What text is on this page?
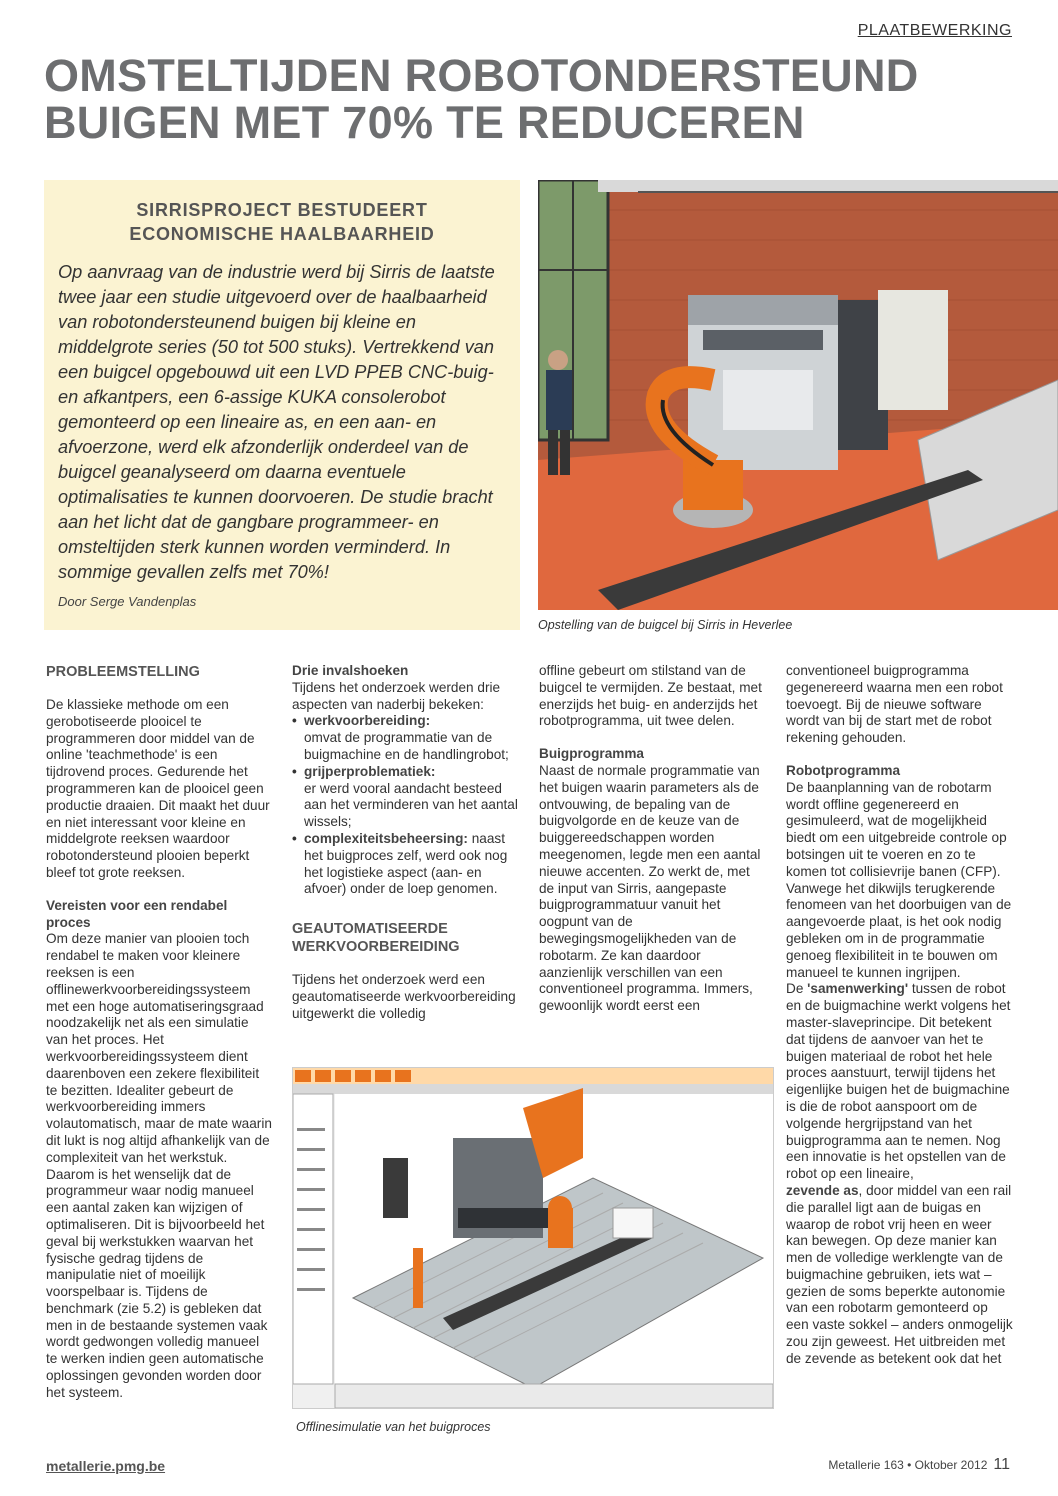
PLAATBEWERKING
OMSTELTIJDEN ROBOTONDERSTEUND
BUIGEN MET 70% TE REDUCEREN
SIRRISPROJECT BESTUDEERT
ECONOMISCHE HAALBAARHEID
Op aanvraag van de industrie werd bij Sirris de laatste twee jaar een studie uitgevoerd over de haalbaarheid van robotondersteunend buigen bij kleine en middelgrote series (50 tot 500 stuks). Vertrekkend van een buigcel opgebouwd uit een LVD PPEB CNC-buig- en afkantpers, een 6-assige KUKA consolerobot gemonteerd op een lineaire as, en een aan- en afvoerzone, werd elk afzonderlijk onderdeel van de buigcel geanalyseerd om daarna eventuele optimalisaties te kunnen doorvoeren. De studie bracht aan het licht dat de gangbare programmeer- en omsteltijden sterk kunnen worden verminderd. In sommige gevallen zelfs met 70%!
Door Serge Vandenplas
Opstelling van de buigcel bij Sirris in Heverlee

PROBLEEMSTELLING

De klassieke methode om een gerobotiseerde plooicel te programmeren door middel van de online 'teachmethode' is een tijdrovend proces. Gedurende het programmeren kan de plooicel geen productie draaien. Dit maakt het duur en niet interessant voor kleine en middelgrote reeksen waardoor robotondersteund plooien beperkt bleef tot grote reeksen.

Vereisten voor een rendabel proces

Om deze manier van plooien toch rendabel te maken voor kleinere reeksen is een offlinewerkvoorbereidingssysteem met een hoge automatiseringsgraad noodzakelijk net als een simulatie van het proces. Het werkvoorbereidingssysteem dient daarenboven een zekere flexibiliteit te bezitten. Idealiter gebeurt de werkvoorbereiding immers volautomatisch, maar de mate waarin dit lukt is nog altijd afhankelijk van de complexiteit van het werkstuk. Daarom is het wenselijk dat de programmeur waar nodig manueel een aantal zaken kan wijzigen of optimaliseren. Dit is bijvoorbeeld het geval bij werkstukken waarvan het fysische gedrag tijdens de manipulatie niet of moeilijk voorspelbaar is. Tijdens de benchmark (zie 5.2) is gebleken dat men in de bestaande systemen vaak wordt gedwongen volledig manueel te werken indien geen automatische oplossingen gevonden worden door het systeem.

Drie invalshoeken

Tijdens het onderzoek werden drie aspecten van naderbij bekeken:

• werkvoorbereiding:
omvat de programmatie van de buigmachine en de handlingrobot;
• grijperproblematiek:
er werd vooral aandacht besteed aan het verminderen van het aantal wissels;
• complexiteitsbeheersing: naast het buigproces zelf, werd ook nog het logistieke aspect (aan- en afvoer) onder de loep genomen.

GEAUTOMATISEERDE WERKVOORBEREIDING

Tijdens het onderzoek werd een geautomatiseerde werkvoorbereiding uitgewerkt die volledig

offline gebeurt om stilstand van de buigcel te vermijden. Ze bestaat, met enerzijds het buig- en anderzijds het robotprogramma, uit twee delen.

Buigprogramma

Naast de normale programmatie van het buigen waarin parameters als de ontvouwing, de bepaling van de buigvolgorde en de keuze van de buiggereedschappen worden meegenomen, legde men een aantal nieuwe accenten. Zo werkt de, met de input van Sirris, aangepaste buigprogrammatuur vanuit het oogpunt van de bewegingsmogelijkheden van de robotarm. Ze kan daardoor aanzienlijk verschillen van een conventioneel programma. Immers, gewoonlijk wordt eerst een

conventioneel buigprogramma gegenereerd waarna men een robot toevoegt. Bij de nieuwe software wordt van bij de start met de robot rekening gehouden.

Robotprogramma

De baanplanning van de robotarm wordt offline gegenereerd en gesimuleerd, wat de mogelijkheid biedt om een uitgebreide controle op botsingen uit te voeren en zo te komen tot collisievrije banen (CFP). Vanwege het dikwijls terugkerende fenomeen van het doorbuigen van de aangevoerde plaat, is het ook nodig gebleken om in de programmatie genoeg flexibiliteit in te bouwen om manueel te kunnen ingrijpen.

De 'samenwerking' tussen de robot en de buigmachine werkt volgens het master-slaveprincipe. Dit betekent dat tijdens de aanvoer van het te buigen materiaal de robot het hele proces aanstuurt, terwijl tijdens het eigenlijke buigen het de buigmachine is die de robot aanspoort om de volgende hergrijpstand van het buigprogramma aan te nemen. Nog een innovatie is het opstellen van de robot op een lineaire,
zevende as, door middel van een rail die parallel ligt aan de buigas en waarop de robot vrij heen en weer kan bewegen. Op deze manier kan men de volledige werklengte van de buigmachine gebruiken, iets wat – gezien de soms beperkte autonomie van een robotarm gemonteerd op een vaste sokkel – anders onmogelijk zou zijn geweest. Het uitbreiden met de zevende as betekent ook dat het

Offlinesimulatie van het buigproces
metallerie.pmg.be	Metallerie 163 • Oktober 2012 11
